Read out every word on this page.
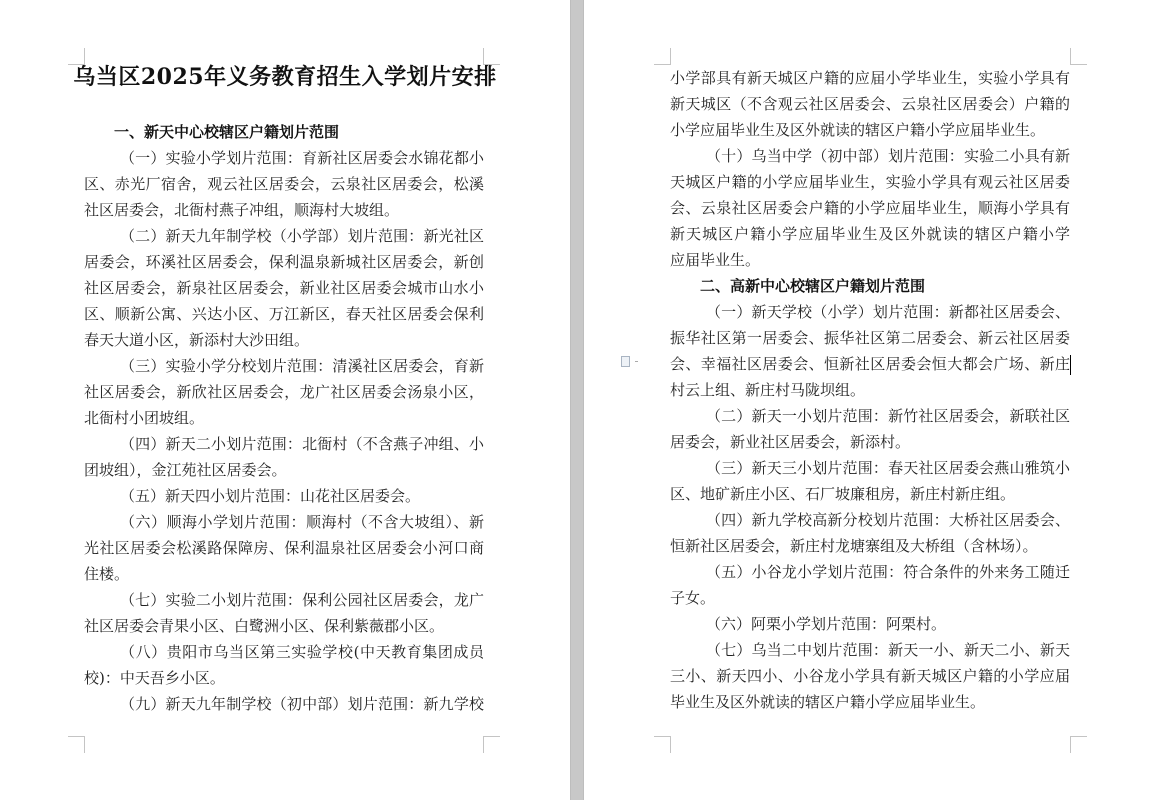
乌当区2025年义务教育招生入学划片安排
一、新天中心校辖区户籍划片范围
（一）实验小学划片范围：育新社区居委会水锦花都小
区、赤光厂宿舍，观云社区居委会，云泉社区居委会，松溪
社区居委会，北衙村燕子冲组，顺海村大坡组。
（二）新天九年制学校（小学部）划片范围：新光社区
居委会，环溪社区居委会，保利温泉新城社区居委会，新创
社区居委会，新泉社区居委会，新业社区居委会城市山水小
区、顺新公寓、兴达小区、万江新区，春天社区居委会保利
春天大道小区，新添村大沙田组。
（三）实验小学分校划片范围：清溪社区居委会，育新
社区居委会，新欣社区居委会，龙广社区居委会汤泉小区，
北衙村小团坡组。
（四）新天二小划片范围：北衙村（不含燕子冲组、小
团坡组），金江苑社区居委会。
（五）新天四小划片范围：山花社区居委会。
（六）顺海小学划片范围：顺海村（不含大坡组）、新
光社区居委会松溪路保障房、保利温泉社区居委会小河口商
住楼。
（七）实验二小划片范围：保利公园社区居委会，龙广
社区居委会青果小区、白鹭洲小区、保利紫薇郡小区。
（八）贵阳市乌当区第三实验学校(中天教育集团成员
校)：中天吾乡小区。
（九）新天九年制学校（初中部）划片范围：新九学校
小学部具有新天城区户籍的应届小学毕业生，实验小学具有
新天城区（不含观云社区居委会、云泉社区居委会）户籍的
小学应届毕业生及区外就读的辖区户籍小学应届毕业生。
（十）乌当中学（初中部）划片范围：实验二小具有新
天城区户籍的小学应届毕业生，实验小学具有观云社区居委
会、云泉社区居委会户籍的小学应届毕业生，顺海小学具有
新天城区户籍小学应届毕业生及区外就读的辖区户籍小学
应届毕业生。
二、高新中心校辖区户籍划片范围
（一）新天学校（小学）划片范围：新都社区居委会、
振华社区第一居委会、振华社区第二居委会、新云社区居委
会、幸福社区居委会、恒新社区居委会恒大都会广场、新庄
村云上组、新庄村马陇坝组。
（二）新天一小划片范围：新竹社区居委会，新联社区
居委会，新业社区居委会，新添村。
（三）新天三小划片范围：春天社区居委会燕山雅筑小
区、地矿新庄小区、石厂坡廉租房，新庄村新庄组。
（四）新九学校高新分校划片范围：大桥社区居委会、
恒新社区居委会，新庄村龙塘寨组及大桥组（含林场）。
（五）小谷龙小学划片范围：符合条件的外来务工随迁
子女。
（六）阿栗小学划片范围：阿栗村。
（七）乌当二中划片范围：新天一小、新天二小、新天
三小、新天四小、小谷龙小学具有新天城区户籍的小学应届
毕业生及区外就读的辖区户籍小学应届毕业生。
